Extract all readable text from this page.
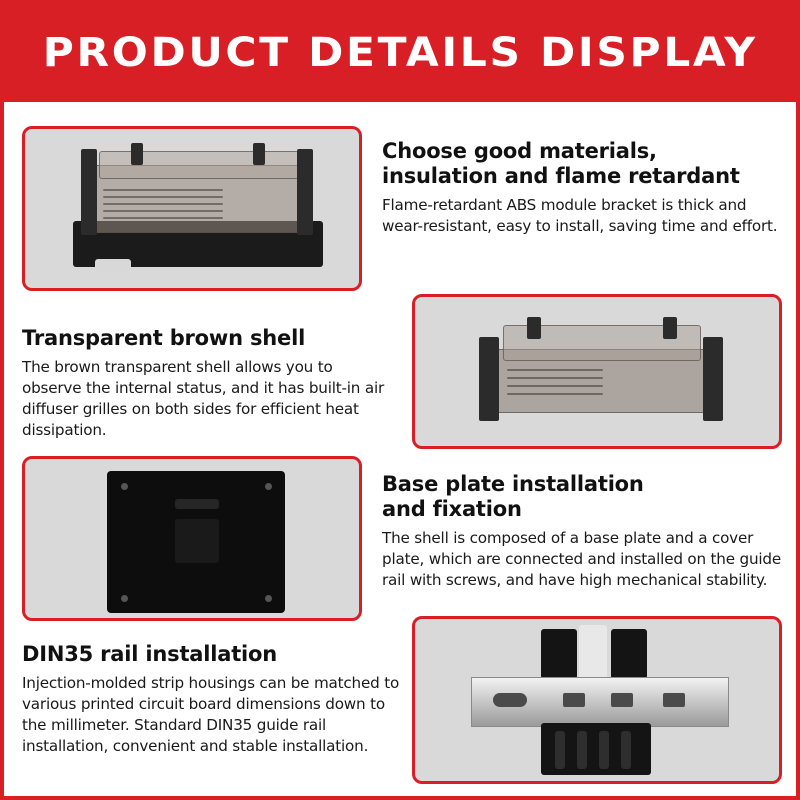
PRODUCT DETAILS DISPLAY
Choose good materials,
insulation and flame retardant

Flame-retardant ABS module bracket is thick and wear-resistant, easy to install, saving time and effort.

Transparent brown shell

The brown transparent shell allows you to observe the internal status, and it has built-in air diffuser grilles on both sides for efficient heat dissipation.

Base plate installation
and fixation

The shell is composed of a base plate and a cover plate, which are connected and installed on the guide rail with screws, and have high mechanical stability.

DIN35 rail installation

Injection-molded strip housings can be matched to various printed circuit board dimensions down to the millimeter. Standard DIN35 guide rail installation, convenient and stable installation.
